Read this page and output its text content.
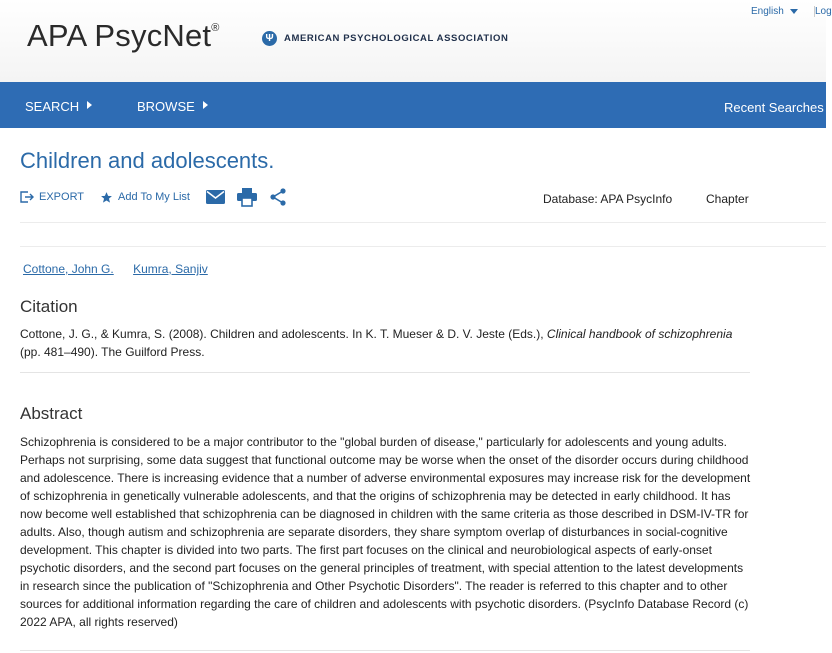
APA PsycNet®
Ψ	AMERICAN PSYCHOLOGICAL ASSOCIATION
English	Log
SEARCH	BROWSE	Recent Searches
Children and adolescents.
EXPORT	Add To My List	Database: APA PsycInfo	Chapter
Cottone, John G. Kumra, Sanjiv
Citation

Cottone, J. G., & Kumra, S. (2008). Children and adolescents. In K. T. Mueser & D. V. Jeste (Eds.), Clinical handbook of schizophrenia (pp. 481–490). The Guilford Press.

Abstract

Schizophrenia is considered to be a major contributor to the "global burden of disease," particularly for adolescents and young adults. Perhaps not surprising, some data suggest that functional outcome may be worse when the onset of the disorder occurs during childhood and adolescence. There is increasing evidence that a number of adverse environmental exposures may increase risk for the development of schizophrenia in genetically vulnerable adolescents, and that the origins of schizophrenia may be detected in early childhood. It has now become well established that schizophrenia can be diagnosed in children with the same criteria as those described in DSM-IV-TR for adults. Also, though autism and schizophrenia are separate disorders, they share symptom overlap of disturbances in social-cognitive development. This chapter is divided into two parts. The first part focuses on the clinical and neurobiological aspects of early-onset psychotic disorders, and the second part focuses on the general principles of treatment, with special attention to the latest developments in research since the publication of "Schizophrenia and Other Psychotic Disorders". The reader is referred to this chapter and to other sources for additional information regarding the care of children and adolescents with psychotic disorders. (PsycInfo Database Record (c) 2022 APA, all rights reserved)
